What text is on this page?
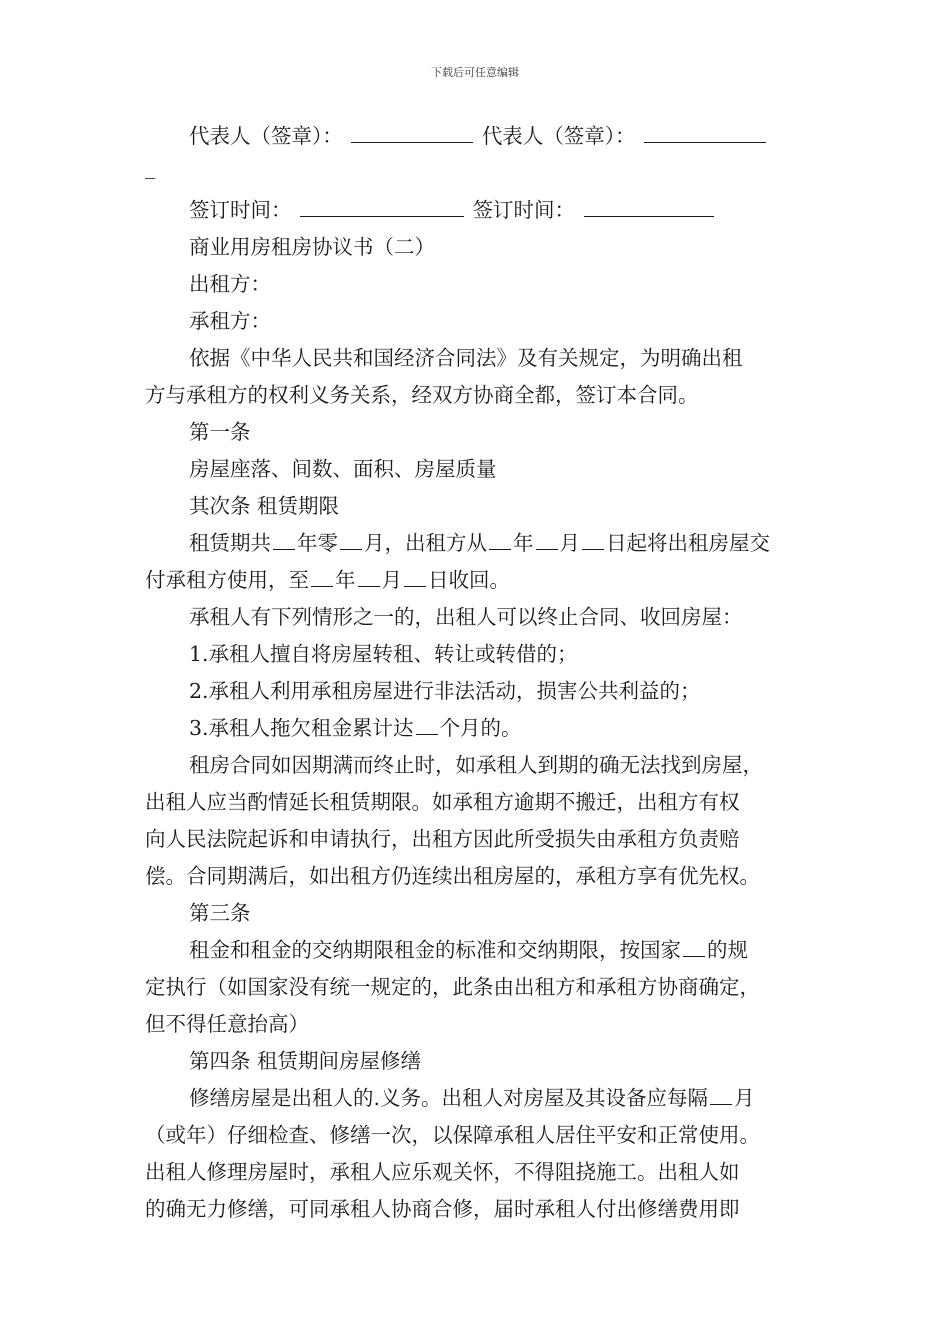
下载后可任意编辑

代表人（签章）：	代表人（签章）：

_

签订时间：	签订时间：

商业用房租房协议书（二）

出租方：

承租方：

依据《中华人民共和国经济合同法》及有关规定，为明确出租

方与承租方的权利义务关系，经双方协商全都，签订本合同。

第一条

房屋座落、间数、面积、房屋质量

其次条 租赁期限

租赁期共 年零 月，出租方从 年 月 日起将出租房屋交

付承租方使用，至 年 月 日收回。

承租人有下列情形之一的，出租人可以终止合同、收回房屋：

1.承租人擅自将房屋转租、转让或转借的；

2.承租人利用承租房屋进行非法活动，损害公共利益的；

3.承租人拖欠租金累计达 个月的。

租房合同如因期满而终止时，如承租人到期的确无法找到房屋，

出租人应当酌情延长租赁期限。如承租方逾期不搬迁，出租方有权

向人民法院起诉和申请执行，出租方因此所受损失由承租方负责赔

偿。合同期满后，如出租方仍连续出租房屋的，承租方享有优先权。

第三条

租金和租金的交纳期限租金的标准和交纳期限，按国家 的规

定执行（如国家没有统一规定的，此条由出租方和承租方协商确定，

但不得任意抬高）

第四条 租赁期间房屋修缮

修缮房屋是出租人的.义务。出租人对房屋及其设备应每隔 月

（或年）仔细检查、修缮一次，以保障承租人居住平安和正常使用。

出租人修理房屋时，承租人应乐观关怀，不得阻挠施工。出租人如

的确无力修缮，可同承租人协商合修，届时承租人付出修缮费用即
